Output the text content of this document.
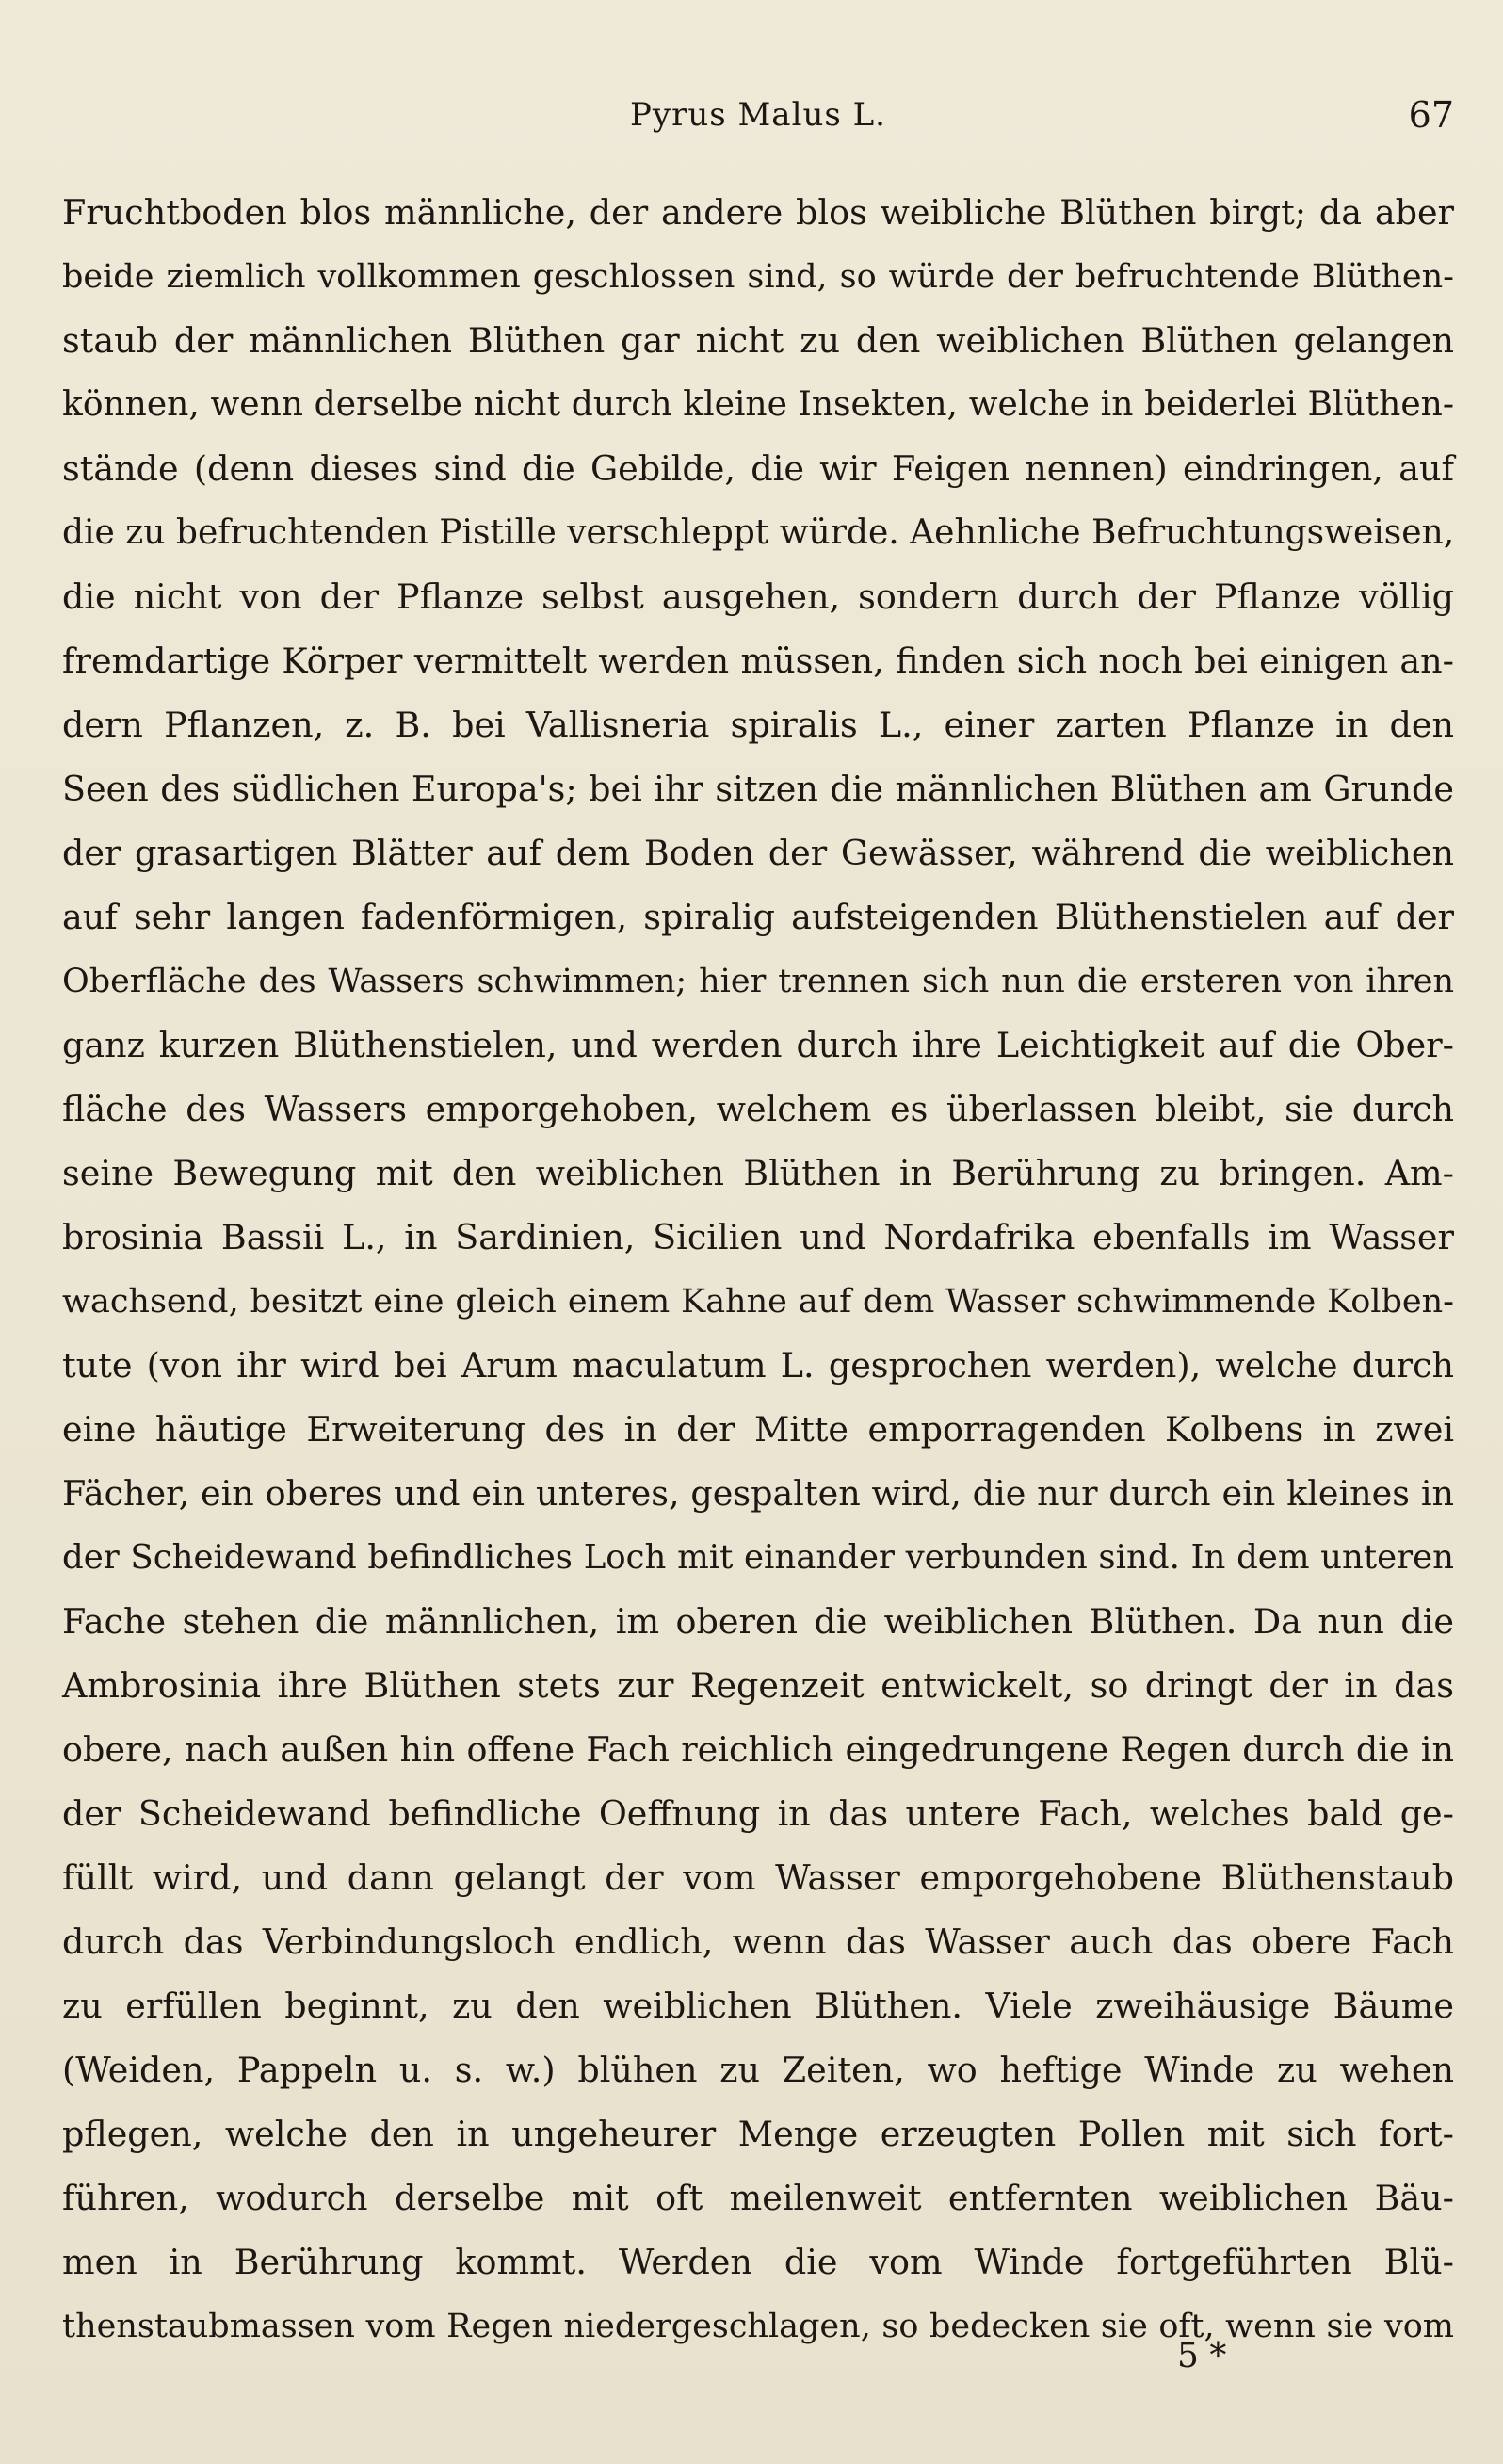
Pyrus Malus L.	67
Fruchtboden blos männliche, der andere blos weibliche Blüthen birgt; da aber
beide ziemlich vollkommen geschlossen sind, so würde der befruchtende Blüthen-
staub der männlichen Blüthen gar nicht zu den weiblichen Blüthen gelangen
können, wenn derselbe nicht durch kleine Insekten, welche in beiderlei Blüthen-
stände (denn dieses sind die Gebilde, die wir Feigen nennen) eindringen, auf
die zu befruchtenden Pistille verschleppt würde. Aehnliche Befruchtungsweisen,
die nicht von der Pflanze selbst ausgehen, sondern durch der Pflanze völlig
fremdartige Körper vermittelt werden müssen, finden sich noch bei einigen an-
dern Pflanzen, z. B. bei Vallisneria spiralis L., einer zarten Pflanze in den
Seen des südlichen Europa's; bei ihr sitzen die männlichen Blüthen am Grunde
der grasartigen Blätter auf dem Boden der Gewässer, während die weiblichen
auf sehr langen fadenförmigen, spiralig aufsteigenden Blüthenstielen auf der
Oberfläche des Wassers schwimmen; hier trennen sich nun die ersteren von ihren
ganz kurzen Blüthenstielen, und werden durch ihre Leichtigkeit auf die Ober-
fläche des Wassers emporgehoben, welchem es überlassen bleibt, sie durch
seine Bewegung mit den weiblichen Blüthen in Berührung zu bringen. Am-
brosinia Bassii L., in Sardinien, Sicilien und Nordafrika ebenfalls im Wasser
wachsend, besitzt eine gleich einem Kahne auf dem Wasser schwimmende Kolben-
tute (von ihr wird bei Arum maculatum L. gesprochen werden), welche durch
eine häutige Erweiterung des in der Mitte emporragenden Kolbens in zwei
Fächer, ein oberes und ein unteres, gespalten wird, die nur durch ein kleines in
der Scheidewand befindliches Loch mit einander verbunden sind. In dem unteren
Fache stehen die männlichen, im oberen die weiblichen Blüthen. Da nun die
Ambrosinia ihre Blüthen stets zur Regenzeit entwickelt, so dringt der in das
obere, nach außen hin offene Fach reichlich eingedrungene Regen durch die in
der Scheidewand befindliche Oeffnung in das untere Fach, welches bald ge-
füllt wird, und dann gelangt der vom Wasser emporgehobene Blüthenstaub
durch das Verbindungsloch endlich, wenn das Wasser auch das obere Fach
zu erfüllen beginnt, zu den weiblichen Blüthen. Viele zweihäusige Bäume
(Weiden, Pappeln u. s. w.) blühen zu Zeiten, wo heftige Winde zu wehen
pflegen, welche den in ungeheurer Menge erzeugten Pollen mit sich fort-
führen, wodurch derselbe mit oft meilenweit entfernten weiblichen Bäu-
men in Berührung kommt. Werden die vom Winde fortgeführten Blü-
thenstaubmassen vom Regen niedergeschlagen, so bedecken sie oft, wenn sie vom
5 *
